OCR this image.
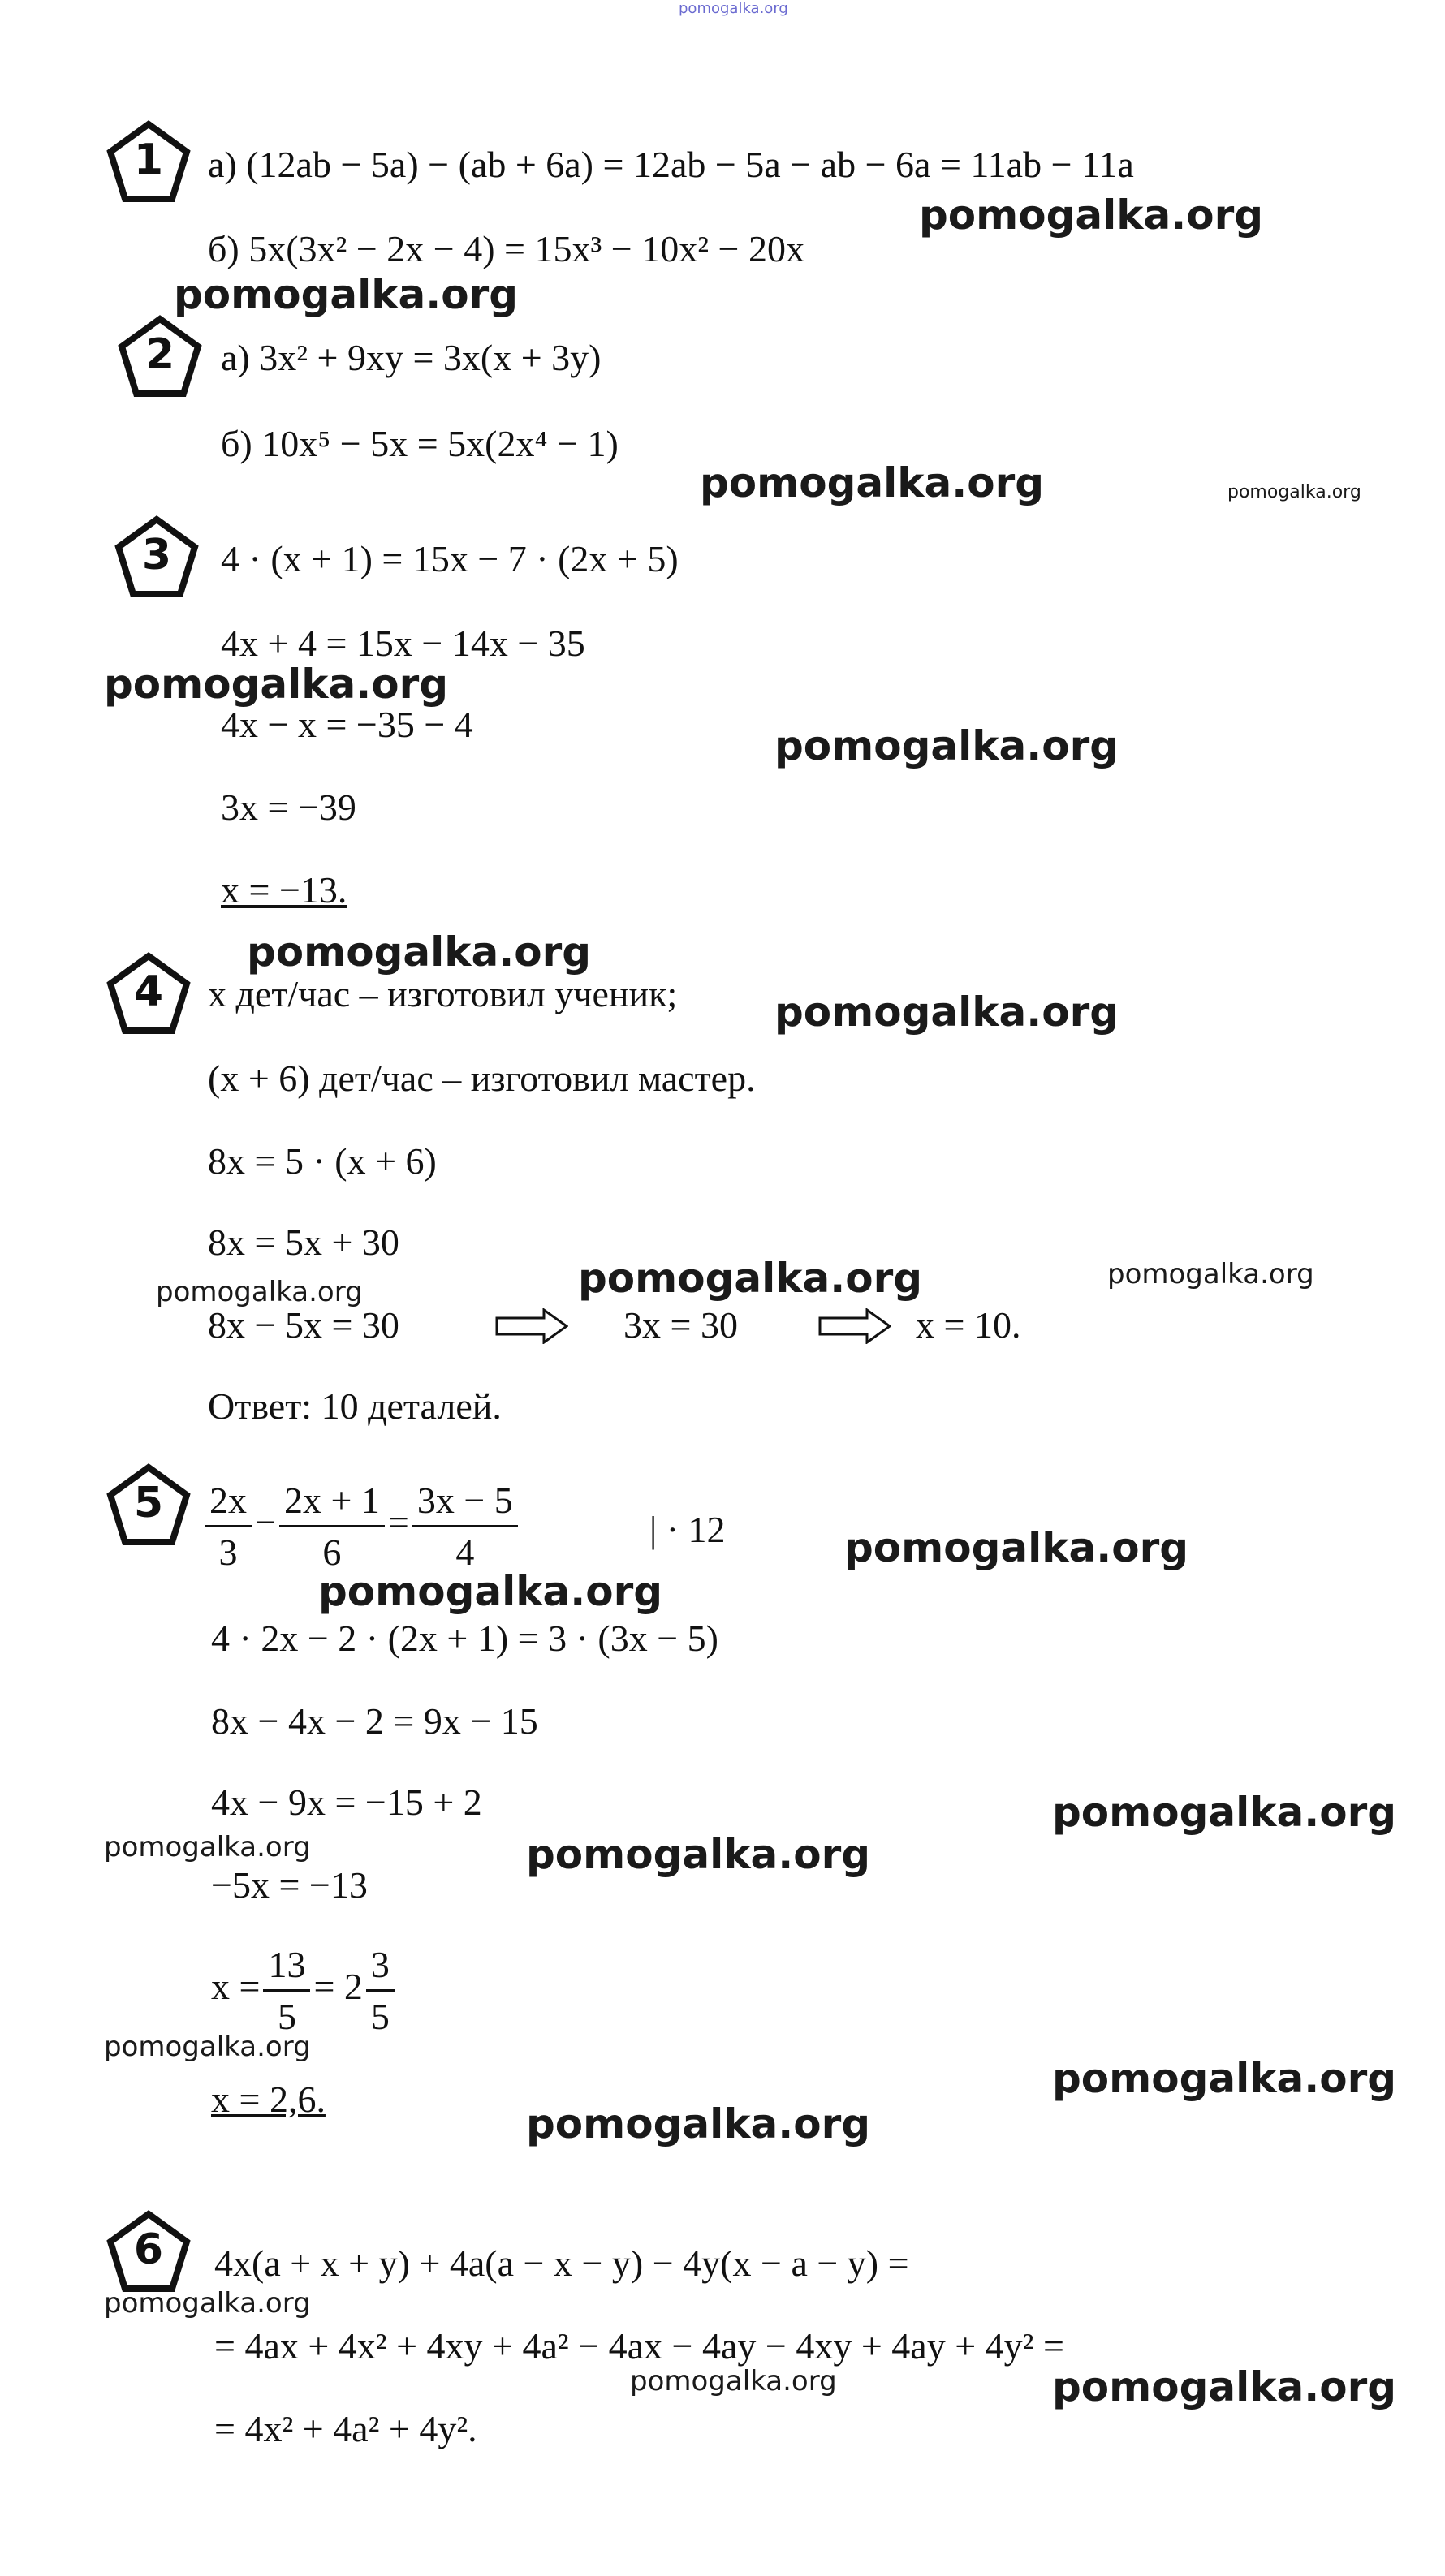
pomogalka.org
1	а) (12ab − 5a) − (ab + 6a) = 12ab − 5a − ab − 6a = 11ab − 11a
pomogalka.org
б) 5x(3x² − 2x − 4) = 15x³ − 10x² − 20x
pomogalka.org
2	а) 3x² + 9xy = 3x(x + 3y)
б) 10x⁵ − 5x = 5x(2x⁴ − 1)
pomogalka.org	pomogalka.org
3	4 · (x + 1) = 15x − 7 · (2x + 5)
4x + 4 = 15x − 14x − 35
pomogalka.org
4x − x = −35 − 4	pomogalka.org
3x = −39
x = −13.
pomogalka.org
4	x дет/час – изготовил ученик; pomogalka.org
(x + 6) дет/час – изготовил мастер.
8x = 5 · (x + 6)
8x = 5x + 30
pomogalka.org	pomogalka.org	pomogalka.org
8x − 5x = 30	3x = 30	x = 10.
Ответ: 10 деталей.
5	$\frac{2x}{3} - \frac{2x + 1}{6} = \frac{3x - 5}{4}$	| · 12	pomogalka.org
pomogalka.org
4 · 2x − 2 · (2x + 1) = 3 · (3x − 5)
8x − 4x − 2 = 9x − 15
4x − 9x = −15 + 2	pomogalka.org
pomogalka.org	pomogalka.org
−5x = −13
$x = \frac{13}{5} = 2 \frac{3}{5}$
pomogalka.org
x = 2,6.	pomogalka.org
pomogalka.org
6	4x(a + x + y) + 4a(a − x − y) − 4y(x − a − y) =
pomogalka.org
= 4ax + 4x² + 4xy + 4a² − 4ax − 4ay − 4xy + 4ay + 4y² =
pomogalka.org	pomogalka.org
= 4x² + 4a² + 4y².
